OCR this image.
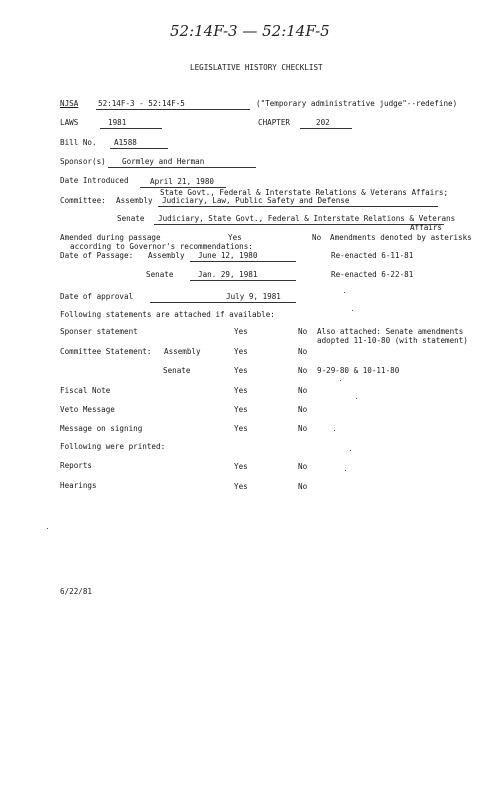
52:14F-3 — 52:14F-5
LEGISLATIVE HISTORY CHECKLIST
NJSA	52:14F-3 - 52:14F-5	("Temporary administrative judge"--redefine)
LAWS	1981	CHAPTER	202
Bill No. A1588
Sponsor(s) Gormley and Herman
Date Introduced	April 21, 1980
State Govt., Federal & Interstate Relations & Veterans Affairs;
Committee: Assembly Judiciary, Law, Public Safety and Defense
Senate Judiciary, State Govt., Federal & Interstate Relations & Veterans
Affairs
Amended during passage	Yes	No Amendments denoted by asterisks
according to Governor's recommendations:
Date of Passage: Assembly June 12, 1980	Re-enacted 6-11-81
Senate	Jan. 29, 1981	Re-enacted 6-22-81
Date of approval	July 9, 1981
Following statements are attached if available:
Sponser statement	Yes	No Also attached: Senate amendments
adopted 11-10-80 (with statement)
Committee Statement: Assembly	Yes	No
Senate	Yes	No 9-29-80 & 10-11-80
Fiscal Note	Yes	No
Veto Message	Yes	No
Message on signing	Yes	No
Following were printed:
Reports	Yes	No
Hearings	Yes	No
6/22/81
